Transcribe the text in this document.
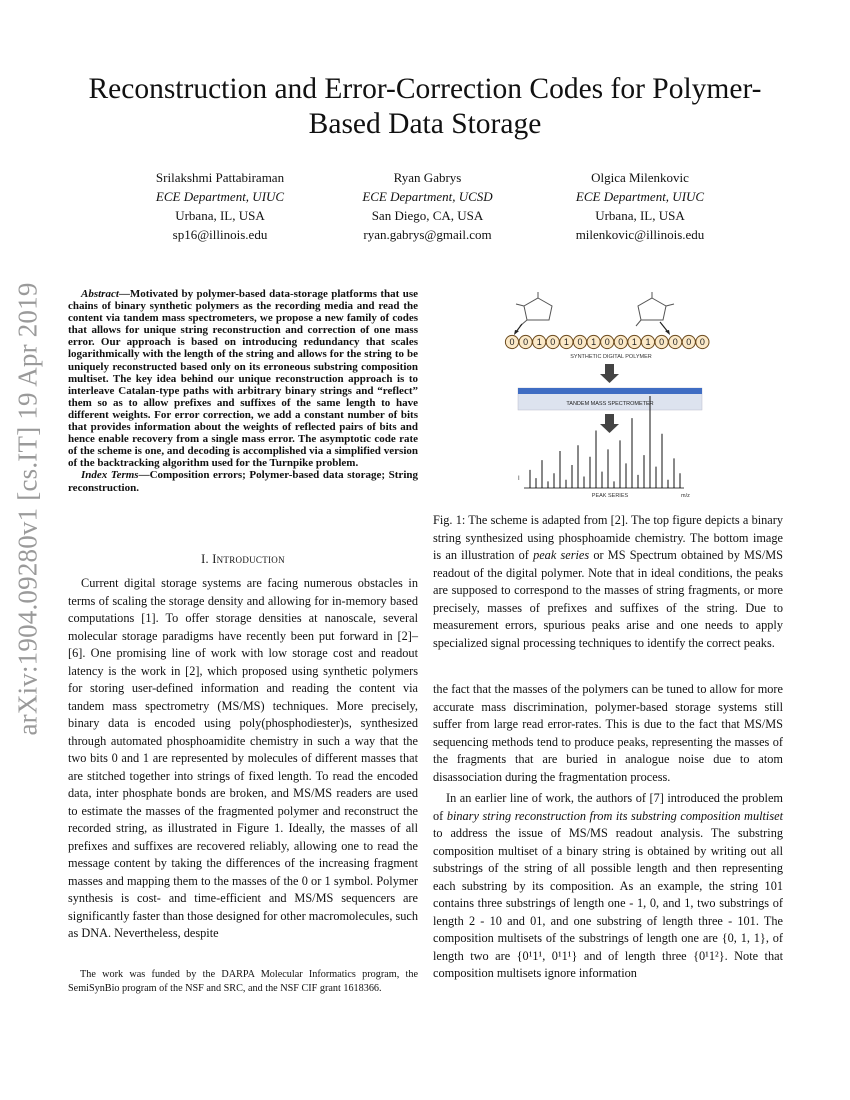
arXiv:1904.09280v1 [cs.IT] 19 Apr 2019
Reconstruction and Error-Correction Codes for Polymer-Based Data Storage
Srilakshmi Pattabiraman
ECE Department, UIUC
Urbana, IL, USA
sp16@illinois.edu
Ryan Gabrys
ECE Department, UCSD
San Diego, CA, USA
ryan.gabrys@gmail.com
Olgica Milenkovic
ECE Department, UIUC
Urbana, IL, USA
milenkovic@illinois.edu

Abstract—Motivated by polymer-based data-storage platforms that use chains of binary synthetic polymers as the recording media and read the content via tandem mass spectrometers, we propose a new family of codes that allows for unique string reconstruction and correction of one mass error. Our approach is based on introducing redundancy that scales logarithmically with the length of the string and allows for the string to be uniquely reconstructed based only on its erroneous substring composition multiset. The key idea behind our unique reconstruction approach is to interleave Catalan-type paths with arbitrary binary strings and “reflect” them so as to allow prefixes and suffixes of the same length to have different weights. For error correction, we add a constant number of bits that provides information about the weights of reflected pairs of bits and hence enable recovery from a single mass error. The asymptotic code rate of the scheme is one, and decoding is accomplished via a simplified version of the backtracking algorithm used for the Turnpike problem.

Index Terms—Composition errors; Polymer-based data storage; String reconstruction.

I. Introduction

Current digital storage systems are facing numerous obstacles in terms of scaling the storage density and allowing for in-memory based computations [1]. To offer storage densities at nanoscale, several molecular storage paradigms have recently been put forward in [2]–[6]. One promising line of work with low storage cost and readout latency is the work in [2], which proposed using synthetic polymers for storing user-defined information and reading the content via tandem mass spectrometry (MS/MS) techniques. More precisely, binary data is encoded using poly(phosphodiester)s, synthesized through automated phosphoamidite chemistry in such a way that the two bits 0 and 1 are represented by molecules of different masses that are stitched together into strings of fixed length. To read the encoded data, inter phosphate bonds are broken, and MS/MS readers are used to estimate the masses of the fragmented polymer and reconstruct the recorded string, as illustrated in Figure 1. Ideally, the masses of all prefixes and suffixes are recovered reliably, allowing one to read the message content by taking the differences of the increasing fragment masses and mapping them to the masses of the 0 or 1 symbol. Polymer synthesis is cost- and time-efficient and MS/MS sequencers are significantly faster than those designed for other macromolecules, such as DNA. Nevertheless, despite

The work was funded by the DARPA Molecular Informatics program, the SemiSynBio program of the NSF and SRC, and the NSF CIF grant 1618366.
0 0 1 0 1 0 1 0 0 1 1 0 0 0 0
SYNTHETIC DIGITAL POLYMER
TANDEM MASS SPECTROMETER
I
m/z
PEAK SERIES

Fig. 1: The scheme is adapted from [2]. The top figure depicts a binary string synthesized using phosphoamide chemistry. The bottom image is an illustration of peak series or MS Spectrum obtained by MS/MS readout of the digital polymer. Note that in ideal conditions, the peaks are supposed to correspond to the masses of string fragments, or more precisely, masses of prefixes and suffixes of the string. Due to measurement errors, spurious peaks arise and one needs to apply specialized signal processing techniques to identify the correct peaks.

the fact that the masses of the polymers can be tuned to allow for more accurate mass discrimination, polymer-based storage systems still suffer from large read error-rates. This is due to the fact that MS/MS sequencing methods tend to produce peaks, representing the masses of the fragments that are buried in analogue noise due to atom disassociation during the fragmentation process.

In an earlier line of work, the authors of [7] introduced the problem of binary string reconstruction from its substring composition multiset to address the issue of MS/MS readout analysis. The substring composition multiset of a binary string is obtained by writing out all substrings of the string of all possible length and then representing each substring by its composition. As an example, the string 101 contains three substrings of length one - 1, 0, and 1, two substrings of length 2 - 10 and 01, and one substring of length three - 101. The composition multisets of the substrings of length one are {0, 1, 1}, of length two are {0¹1¹, 0¹1¹} and of length three {0¹1²}. Note that composition multisets ignore information
